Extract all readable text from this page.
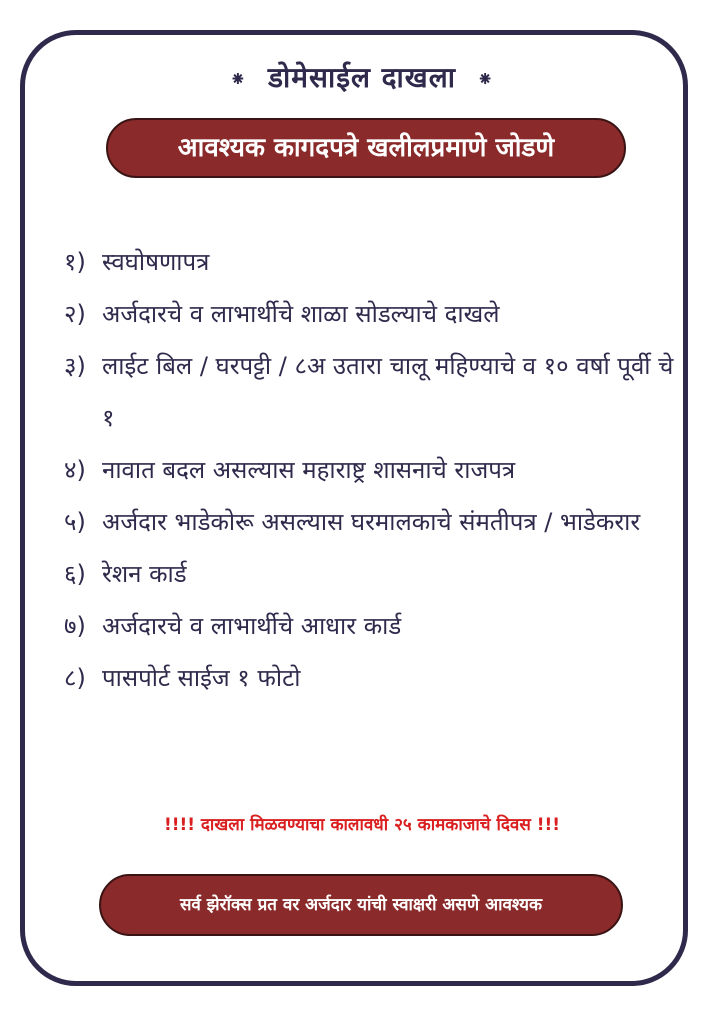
⁕ डोमेसाईल दाखला ⁕
आवश्यक कागदपत्रे खलीलप्रमाणे जोडणे
१) स्वघोषणापत्र
२) अर्जदारचे व लाभार्थीचे शाळा सोडल्याचे दाखले
३) लाईट बिल / घरपट्टी / ८अ उतारा चालू महिण्याचे व १० वर्षा पूर्वी चे १
४) नावात बदल असल्यास महाराष्ट्र शासनाचे राजपत्र
५) अर्जदार भाडेकोरू असल्यास घरमालकाचे संमतीपत्र / भाडेकरार
६) रेशन कार्ड
७) अर्जदारचे व लाभार्थीचे आधार कार्ड
८) पासपोर्ट साईज १ फोटो
!!!! दाखला मिळवण्याचा कालावधी २५ कामकाजाचे दिवस !!!
सर्व झेरॉक्स प्रत वर अर्जदार यांची स्वाक्षरी असणे आवश्यक
